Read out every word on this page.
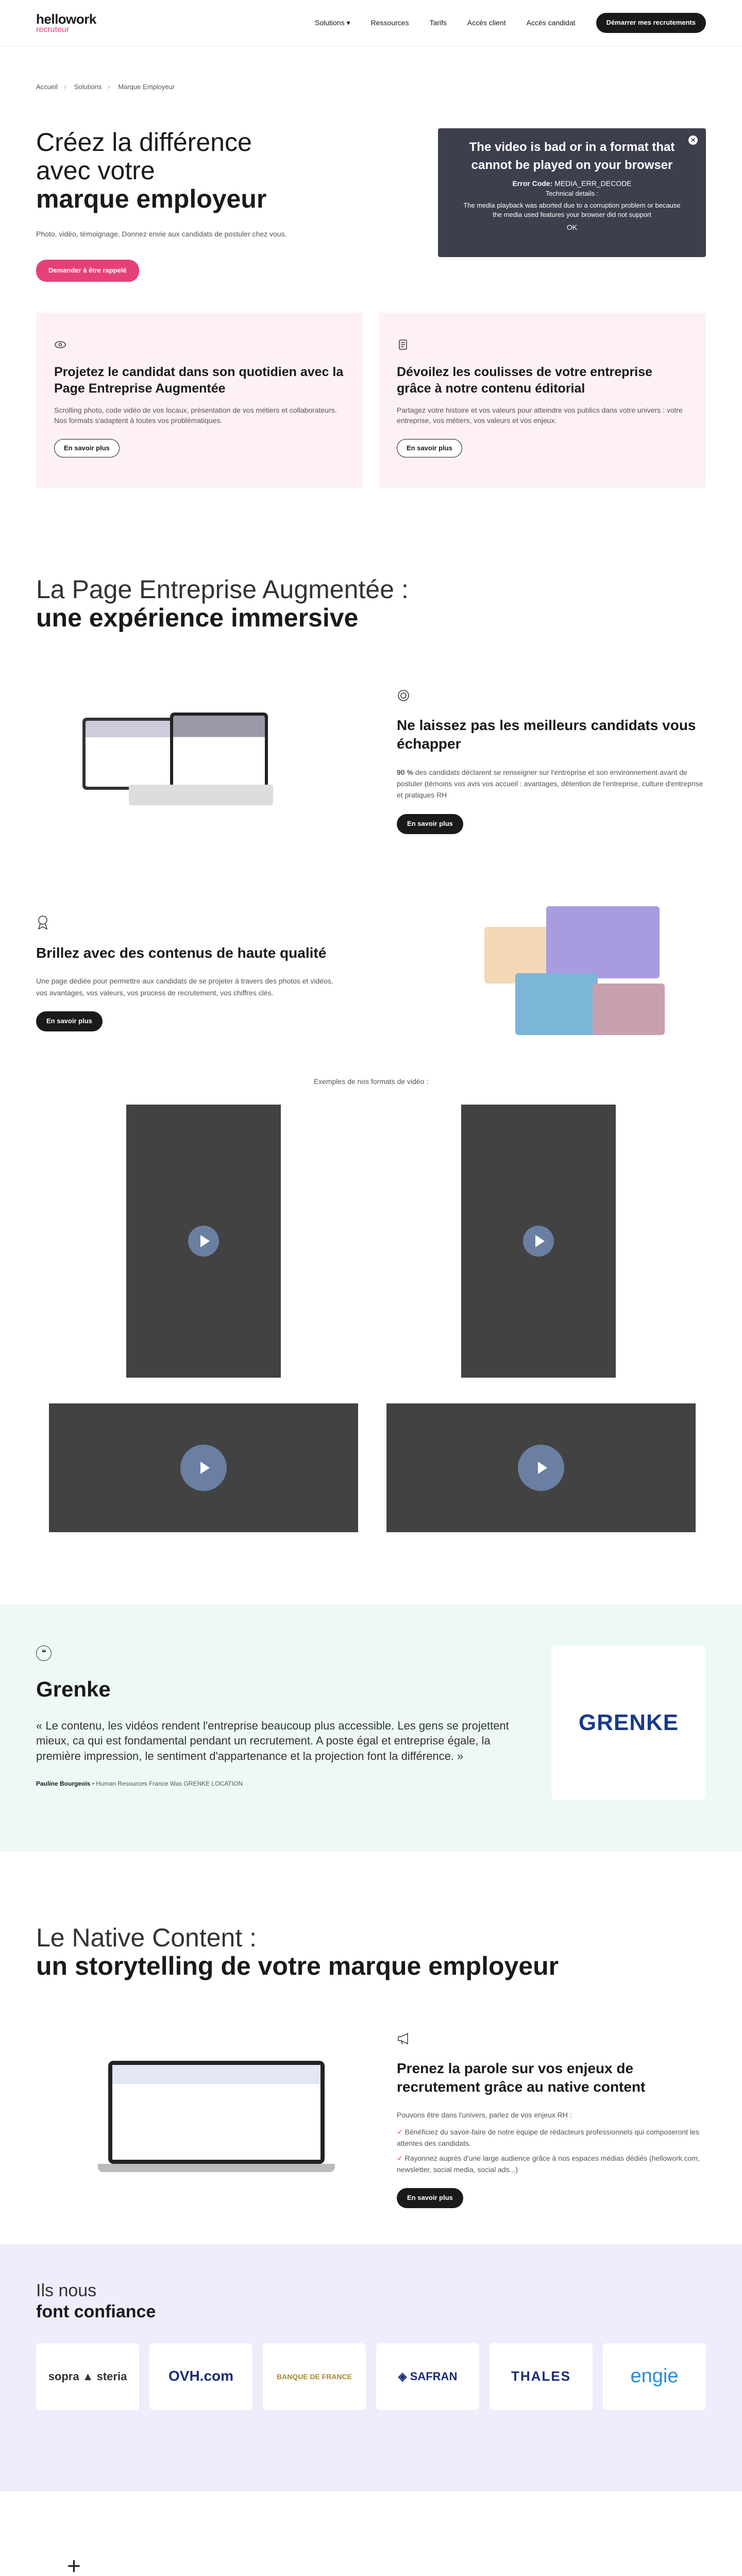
hellowork
recruteur
Solutions ▾	Ressources	Tarifs	Accès client	Accès candidat	Démarrer mes recrutements
Accueil › Solutions › Marque Employeur
Créez la différence
avec votre
marque employeur

Photo, vidéo, témoignage, Donnez envie aux candidats de postuler chez vous.

Demander à être rappelé
✕
The video is bad or in a format that cannot be played on your browser
Error Code: MEDIA_ERR_DECODE
Technical details :
The media playback was aborted due to a corruption problem or because the media used features your browser did not support
OK
Projetez le candidat dans son quotidien avec la Page Entreprise Augmentée

Scrolling photo, code vidéo de vos locaux, présentation de vos métiers et collaborateurs. Nos formats s'adaptent à toutes vos problématiques.

En savoir plus
Dévoilez les coulisses de votre entreprise grâce à notre contenu éditorial

Partagez votre histoire et vos valeurs pour atteindre vos publics dans votre univers : votre entreprise, vos métiers, vos valeurs et vos enjeux.

En savoir plus
La Page Entreprise Augmentée :
une expérience immersive
Ne laissez pas les meilleurs candidats vous échapper

90 % des candidats déclarent se renseigner sur l'entreprise et son environnement avant de postuler (témoins vos avis vos accueil : avantages, détention de l'entreprise, culture d'entreprise et pratiques RH

En savoir plus
Brillez avec des contenus de haute qualité

Une page dédiée pour permettre aux candidats de se projeter à travers des photos et vidéos, vos avantages, vos valeurs, vos process de recrutement, vos chiffres clés.

En savoir plus
Exemples de nos formats de vidéo :
❝
Grenke

« Le contenu, les vidéos rendent l'entreprise beaucoup plus accessible. Les gens se projettent mieux, ca qui est fondamental pendant un recrutement. A poste égal et entreprise égale, la première impression, le sentiment d'appartenance et la projection font la différence. »

Pauline Bourgeoïs • Human Resources France Was GRENKE LOCATION

GRENKE
Le Native Content :
un storytelling de votre marque employeur
Prenez la parole sur vos enjeux de recrutement grâce au native content

Pouvons être dans l'univers, parlez de vos enjeux RH :

✓ Bénéficiez du savoir-faire de notre équipe de rédacteurs professionnels qui composeront les attentes des candidats.

✓ Rayonnez auprès d'une large audience grâce à nos espaces médias dédiés (hellowork.com, newsletter, social media, social ads...)

En savoir plus
Ils nous
font confiance
sopra ▲ steria	OVH.com	BANQUE DE FRANCE	◈ SAFRAN	THALES	engie
+
